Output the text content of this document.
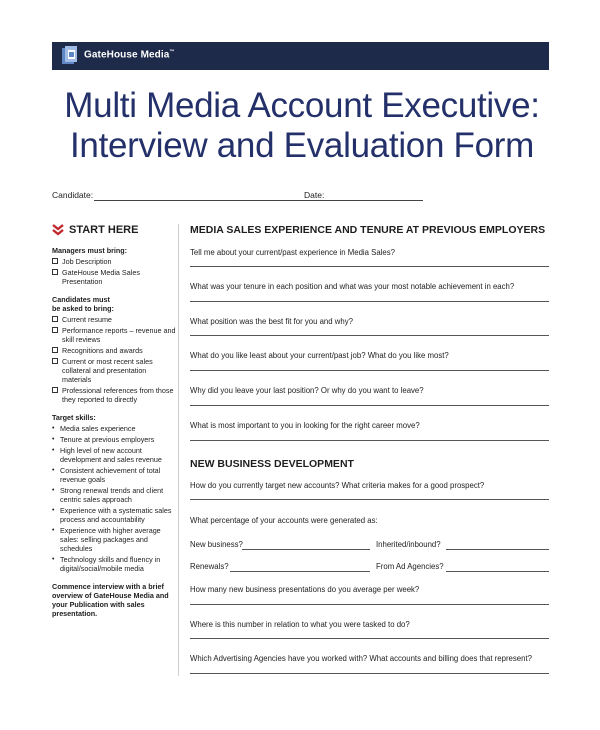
GateHouse Media™
Multi Media Account Executive:
Interview and Evaluation Form
Candidate:	Date:
START HERE
Managers must bring:
Job Description
GateHouse Media Sales Presentation
Candidates must
be asked to bring:
Current resume
Performance reports – revenue and skill reviews
Recognitions and awards
Current or most recent sales collateral and presentation materials
Professional references from those they reported to directly
Target skills:
• Media sales experience
• Tenure at previous employers
• High level of new account development and sales revenue
• Consistent achievement of total revenue goals
• Strong renewal trends and client centric sales approach
• Experience with a systematic sales process and accountability
• Experience with higher average sales: selling packages and schedules
• Technology skills and fluency in digital/social/mobile media
Commence interview with a brief overview of GateHouse Media and your Publication with sales presentation.
MEDIA SALES EXPERIENCE AND TENURE AT PREVIOUS EMPLOYERS
Tell me about your current/past experience in Media Sales?
What was your tenure in each position and what was your most notable achievement in each?
What position was the best fit for you and why?
What do you like least about your current/past job? What do you like most?
Why did you leave your last position? Or why do you want to leave?
What is most important to you in looking for the right career move?
NEW BUSINESS DEVELOPMENT
How do you currently target new accounts? What criteria makes for a good prospect?
What percentage of your accounts were generated as:
New business?	Inherited/inbound?
Renewals?	From Ad Agencies?
How many new business presentations do you average per week?
Where is this number in relation to what you were tasked to do?
Which Advertising Agencies have you worked with? What accounts and billing does that represent?
